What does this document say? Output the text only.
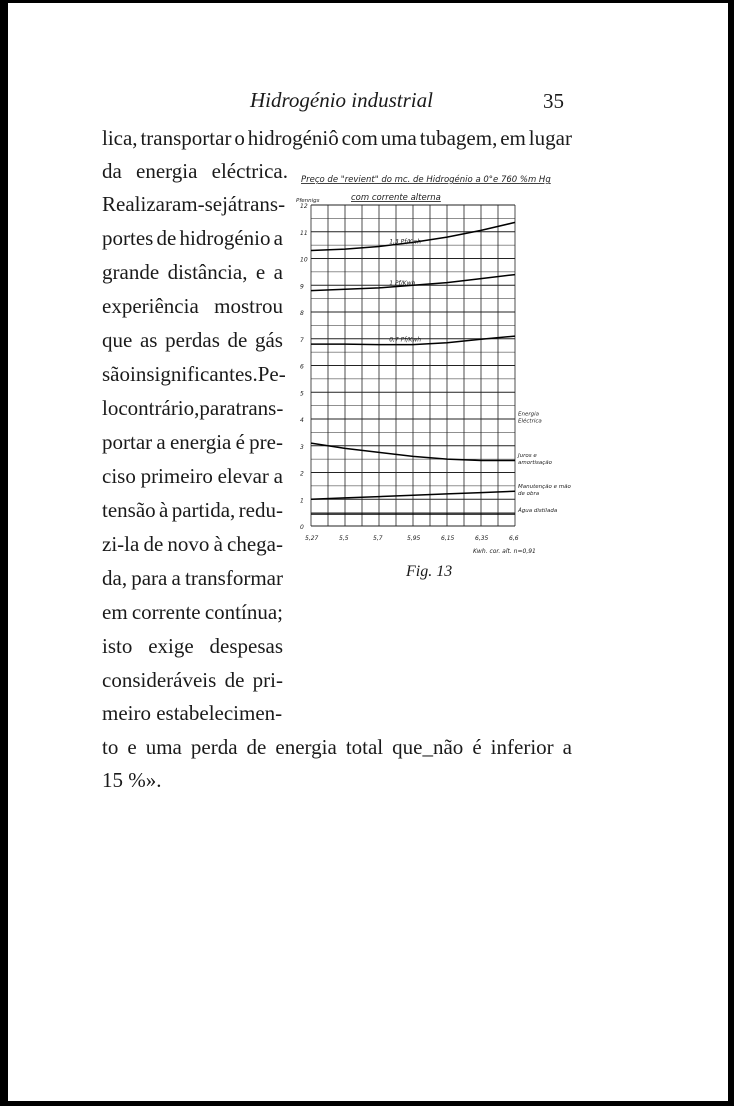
Hidrogénio industrial	35
lica, transportar o hidrogéniô com uma tubagem, em lugar
da energia eléctrica.
Realizaram-se já trans-
portes de hidrogénio a
grande distância, e a
experiência mostrou
que as perdas de gás
são insignificantes. Pe-
lo contrário, para trans-
portar a energia é pre-
ciso primeiro elevar a
tensão à partida, redu-
zi-la de novo à chega-
da, para a transformar
em corrente contínua;
isto exige despesas
consideráveis de pri-
meiro estabelecimen-
to e uma perda de energia total que_não é inferior a
15 %».
Preço de "revient" do mc. de Hidrogénio a 0°e 760 %m Hg
com corrente alterna
Pfennigs
0
1
2
3
4
5
6
7
8
9
10
11
12
5,27	5,5	5,7	5,95	6,15	6,35	6,6
1,3 Pf/Kwh
1 Pf/Kwh
0,7 Pf/Kwh
Energia Eléctrica
Juros e amortisação
Manutenção e mão de obra
Água distilada
Kwh. cor. alt. n=0,91
Fig. 13
